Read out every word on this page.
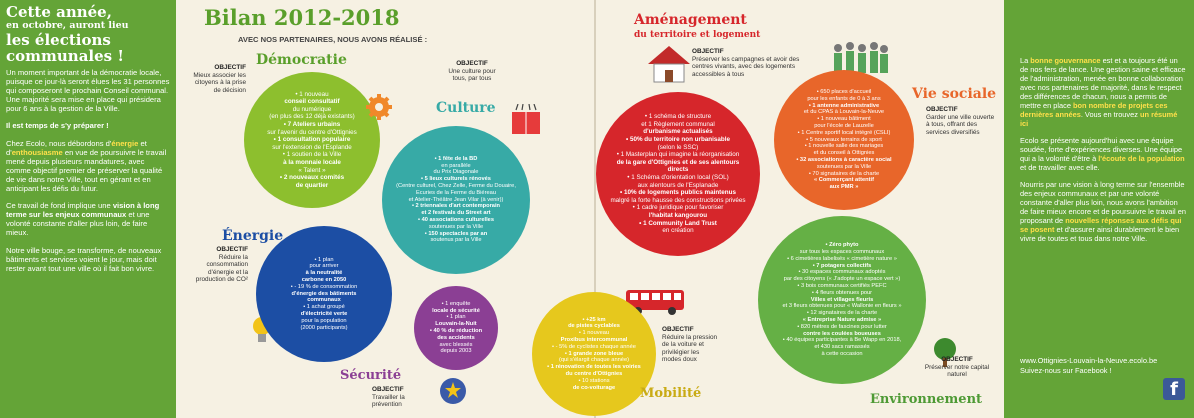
Cette année,
en octobre, auront lieu
les élections
communales !

Un moment important de la démocratie locale, puisque ce jour-là seront élues les 31 personnes qui composeront le prochain Conseil communal. Une majorité sera mise en place qui présidera pour 6 ans à la gestion de la Ville.

Il est temps de s'y préparer !

Chez Ecolo, nous débordons d'énergie et d'enthousiasme en vue de poursuivre le travail mené depuis plusieurs mandatures, avec comme objectif premier de préserver la qualité de vie dans notre Ville, tout en gérant et en anticipant les défis du futur.

Ce travail de fond implique une vision à long terme sur les enjeux communaux et une volonté constante d'aller plus loin, de faire mieux.

Notre ville bouge, se transforme, de nouveaux bâtiments et services voient le jour, mais doit rester avant tout une ville où il fait bon vivre.

Bilan 2012-2018
AVEC NOS PARTENAIRES, NOUS AVONS RÉALISÉ :
Démocratie
OBJECTIF
Mieux associer les citoyens à la prise de décision

• 1 nouveau

conseil consultatif

du numérique

(en plus des 12 déjà existants)

• 7 Ateliers urbains

sur l'avenir du centre d'Ottignies

• 1 consultation populaire

sur l'extension de l'Esplande

• 1 soutien de la Ville

à la monnaie locale

« Talent »

• 2 nouveaux comités

de quartier

Culture
OBJECTIF
Une culture pour tous, par tous

• 1 fête de la BD

en parallèle

du Prix Diagonale

• 5 lieux culturels rénovés

(Centre culturel, Chez Zelle, Ferme du Douaire,

Ecuries de la Ferme du Biéreau

et Atelier-Théâtre Jean Vilar (à venir))

• 2 triennales d'art contemporain

et 2 festivals du Street art

• 40 associations culturelles

soutenues par la Ville

• 150 spectacles par an

soutenus par la Ville

Énergie
OBJECTIF
Réduire la consommation d'énergie et la production de CO²

• 1 plan

pour arriver

à la neutralité

carbone en 2050

• - 19 % de consommation

d'énergie des bâtiments

communaux

• 1 achat groupé

d'électricité verte

pour la population

(2000 participants)

• 1 enquête

locale de sécurité

• 1 plan

Louvain-la-Nuit

• 40 % de réduction

des accidents

avec blessés

depuis 2003

Sécurité
OBJECTIF
Travailler la prévention
Aménagement
du territoire et logement
OBJECTIF
Préserver les campagnes et avoir des centres vivants, avec des logements accessibles à tous

• 1 schéma de structure

et 1 Règlement communal

d'urbanisme actualisés

• 50% du territoire non urbanisable

(selon le SSC)

• 1 Masterplan qui imagine la réorganisation

de la gare d'Ottignies et de ses alentours

directs

• 1 Schéma d'orientation local (SOL)

aux alentours de l'Esplanade

• 10% de logements publics maintenus

malgré la forte hausse des constructions privées

• 1 cadre juridique pour favoriser

l'habitat kangourou

• 1 Community Land Trust

en création

• 650 places d'accueil

pour les enfants de 0 à 3 ans

• 1 antenne administrative

et du CPAS à Louvain-la-Neuve

• 1 nouveau bâtiment

pour l'école de Lauzelle

• 1 Centre sportif local intégré (CSLI)

• 5 nouveaux terrains de sport

• 1 nouvelle salle des mariages

et du conseil à Ottignies

• 32 associations à caractère social

soutenues par la Ville

• 70 signataires de la charte

« Commerçant attentif

aux PMR »

Vie sociale
OBJECTIF
Garder une ville ouverte à tous, offrant des services diversifiés

• +25 km

de pistes cyclables

• 1 nouveau

Proxibus intercommunal

• - 5% de cyclistes chaque année

• 1 grande zone bleue

(qui s'élargit chaque année)

• 1 rénovation de toutes les voiries

du centre d'Ottignies

• 10 stations

de co-voiturage

OBJECTIF
Réduire la pression de la voiture et privilégier les modes doux
Mobilité

• Zéro phyto

sur tous les espaces communaux

• 6 cimetières labelisés « cimetière nature »

• 7 potagers collectifs

• 30 espaces communaux adoptés

par des citoyens (« J'adopte un espace vert »)

• 3 bois communaux certifiés PEFC

• 4 fleurs obtenues pour

Villes et villages fleuris

et 3 fleurs obtenues pour « Wallonie en fleurs »

• 12 signataires de la charte

« Entreprise Nature admise »

• 820 mètres de fascines pour lutter

contre les coulées boueuses

• 40 équipes participantes à Be Wapp en 2018,

et 430 sacs ramassés

à cette occasion

OBJECTIF
Préserver notre capital naturel
Environnement

La bonne gouvernance est et a toujours été un de nos fers de lance. Une gestion saine et efficace de l'administration, menée en bonne collaboration avec nos partenaires de majorité, dans le respect des différences de chacun, nous a permis de mettre en place bon nombre de projets ces dernières années. Vous en trouvez un résumé ici

Ecolo se présente aujourd'hui avec une équipe soudée, forte d'expériences diverses. Une équipe qui a la volonté d'être à l'écoute de la population et de travailler avec elle.

Nourris par une vision à long terme sur l'ensemble des enjeux communaux et par une volonté constante d'aller plus loin, nous avons l'ambition de faire mieux encore et de poursuivre le travail en proposant de nouvelles réponses aux défis qui se posent et d'assurer ainsi durablement le bien vivre de toutes et tous dans notre Ville.

www.Ottignies-Louvain-la-Neuve.ecolo.be
Suivez-nous sur Facebook !
f
